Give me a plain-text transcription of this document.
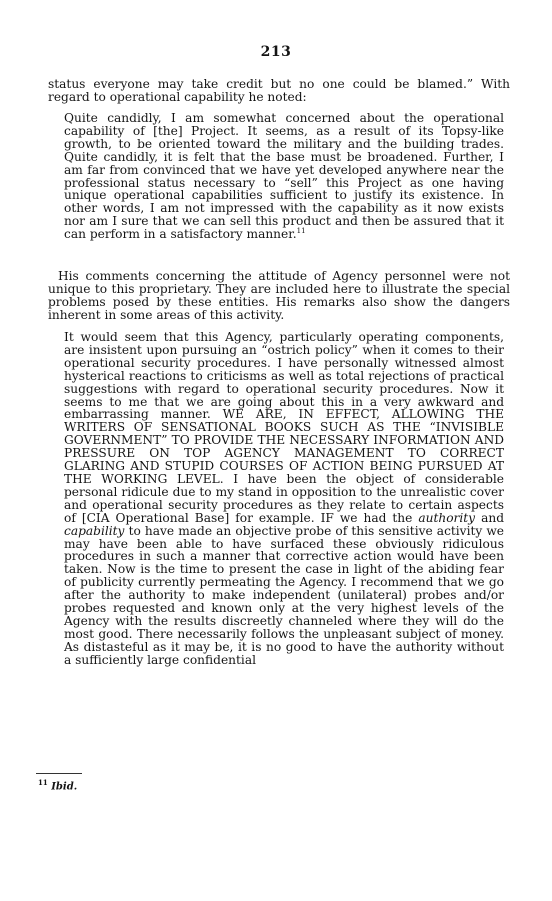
213
status everyone may take credit but no one could be blamed.” With regard to operational capability he noted:
Quite candidly, I am somewhat concerned about the operational capability of [the] Project. It seems, as a result of its Topsy-like growth, to be oriented toward the military and the building trades. Quite candidly, it is felt that the base must be broadened. Further, I am far from convinced that we have yet developed anywhere near the professional status necessary to “sell” this Project as one having unique operational capabilities sufficient to justify its existence. In other words, I am not impressed with the capability as it now exists nor am I sure that we can sell this product and then be assured that it can perform in a satisfactory manner.$^{11}$
His comments concerning the attitude of Agency personnel were not unique to this proprietary. They are included here to illustrate the special problems posed by these entities. His remarks also show the dangers inherent in some areas of this activity.
It would seem that this Agency, particularly operating components, are insistent upon pursuing an “ostrich policy” when it comes to their operational security procedures. I have personally witnessed almost hysterical reactions to criticisms as well as total rejections of practical suggestions with regard to operational security procedures. Now it seems to me that we are going about this in a very awkward and embarrassing manner. WE ARE, IN EFFECT, ALLOWING THE WRITERS OF SENSATIONAL BOOKS SUCH AS THE “INVISIBLE GOVERNMENT” TO PROVIDE THE NECESSARY INFORMATION AND PRESSURE ON TOP AGENCY MANAGEMENT TO CORRECT GLARING AND STUPID COURSES OF ACTION BEING PURSUED AT THE WORKING LEVEL. I have been the object of considerable personal ridicule due to my stand in opposition to the unrealistic cover and operational security procedures as they relate to certain aspects of [CIA Operational Base] for example. IF we had the authority and capability to have made an objective probe of this sensitive activity we may have been able to have surfaced these obviously ridiculous procedures in such a manner that corrective action would have been taken. Now is the time to present the case in light of the abiding fear of publicity currently permeating the Agency. I recommend that we go after the authority to make independent (unilateral) probes and/or probes requested and known only at the very highest levels of the Agency with the results discreetly channeled where they will do the most good. There necessarily follows the unpleasant subject of money. As distasteful as it may be, it is no good to have the authority without a sufficiently large confidential
$^{11}$ Ibid.
